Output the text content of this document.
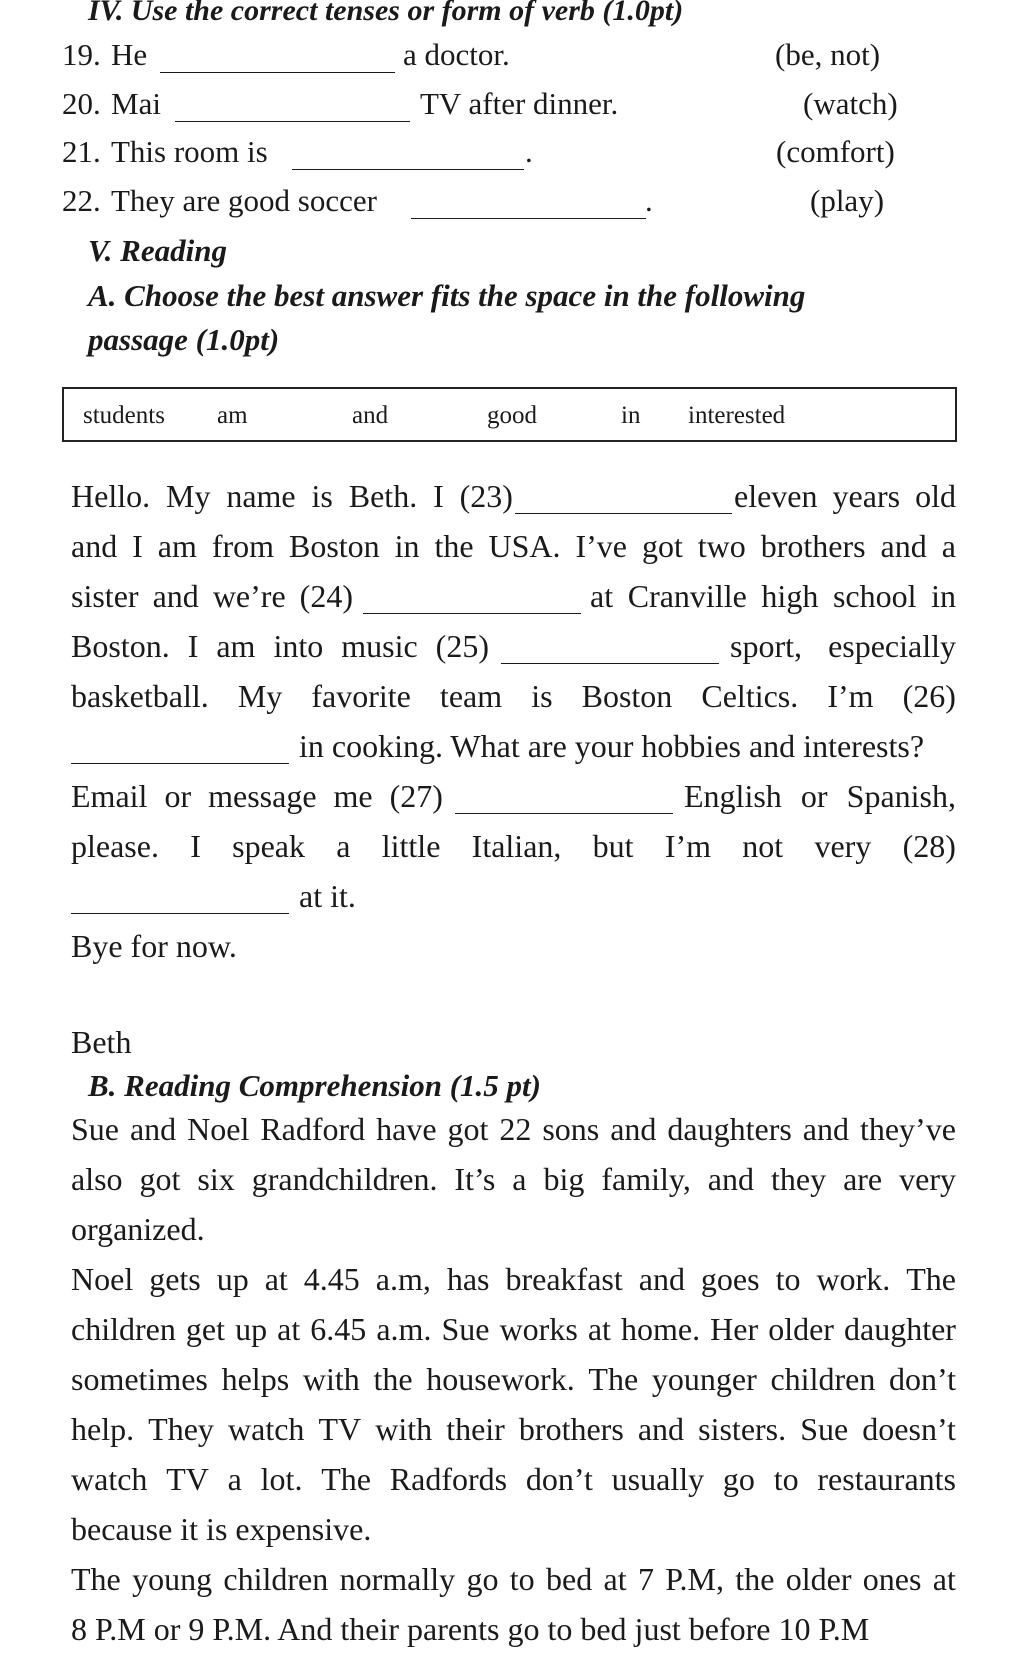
IV. Use the correct tenses or form of verb (1.0pt)
19. He	a doctor.	(be, not)
20. Mai	TV after dinner.	(watch)
21. This room is	.	(comfort)
22. They are good soccer	.	(play)
V. Reading
A. Choose the best answer fits the space in the following
passage (1.0pt)
students am	and	good	in interested
Hello. My name is Beth. I (23)	eleven years old
and I am from Boston in the USA. I’ve got two brothers and a
sister and we’re (24)	at Cranville high school in
Boston. I am into music (25)	sport, especially
basketball. My favorite team is Boston Celtics. I’m (26)
in cooking. What are your hobbies and interests?
Email or message me (27)	English or Spanish,
please. I speak a little Italian, but I’m not very (28)
at it.
Bye for now.
Beth
B. Reading Comprehension (1.5 pt)
Sue and Noel Radford have got 22 sons and daughters and they’ve
also got six grandchildren. It’s a big family, and they are very
organized.
Noel gets up at 4.45 a.m, has breakfast and goes to work. The
children get up at 6.45 a.m. Sue works at home. Her older daughter
sometimes helps with the housework. The younger children don’t
help. They watch TV with their brothers and sisters. Sue doesn’t
watch TV a lot. The Radfords don’t usually go to restaurants
because it is expensive.
The young children normally go to bed at 7 P.M, the older ones at
8 P.M or 9 P.M. And their parents go to bed just before 10 P.M
